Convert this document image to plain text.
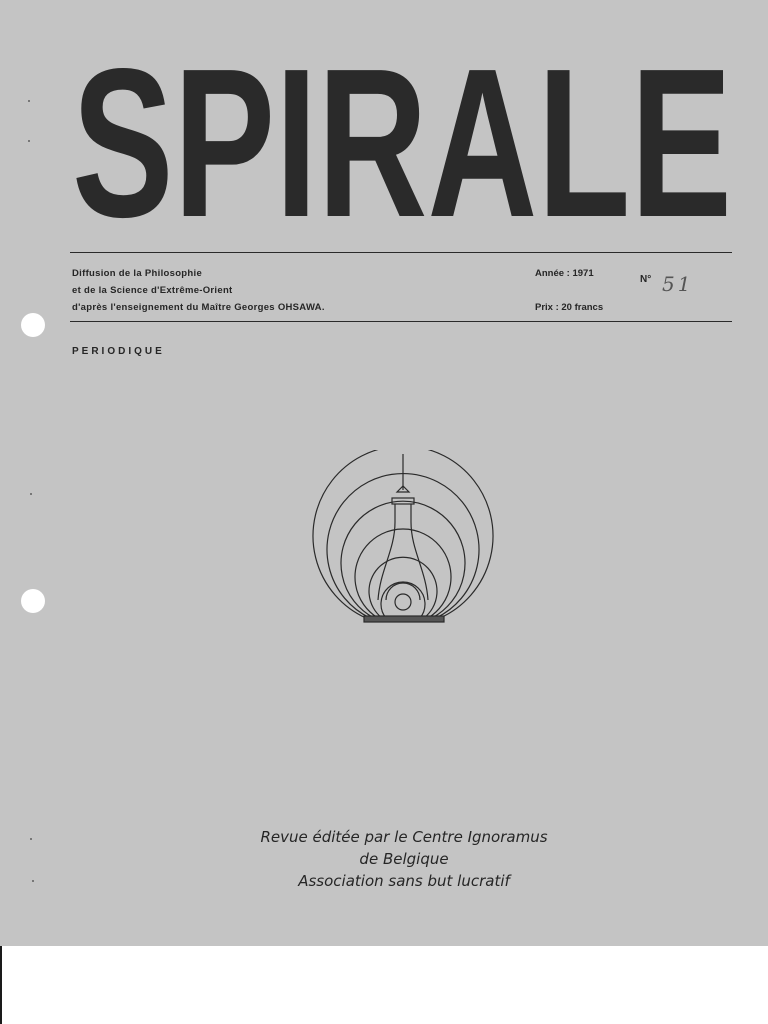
SPIRALE
Diffusion de la Philosophie
et de la Science d'Extrême-Orient
d'après l'enseignement du Maître Georges OHSAWA.
Année : 1971
Prix : 20 francs
N° 51
PERIODIQUE
Revue éditée par le Centre Ignoramus
de Belgique
Association sans but lucratif
